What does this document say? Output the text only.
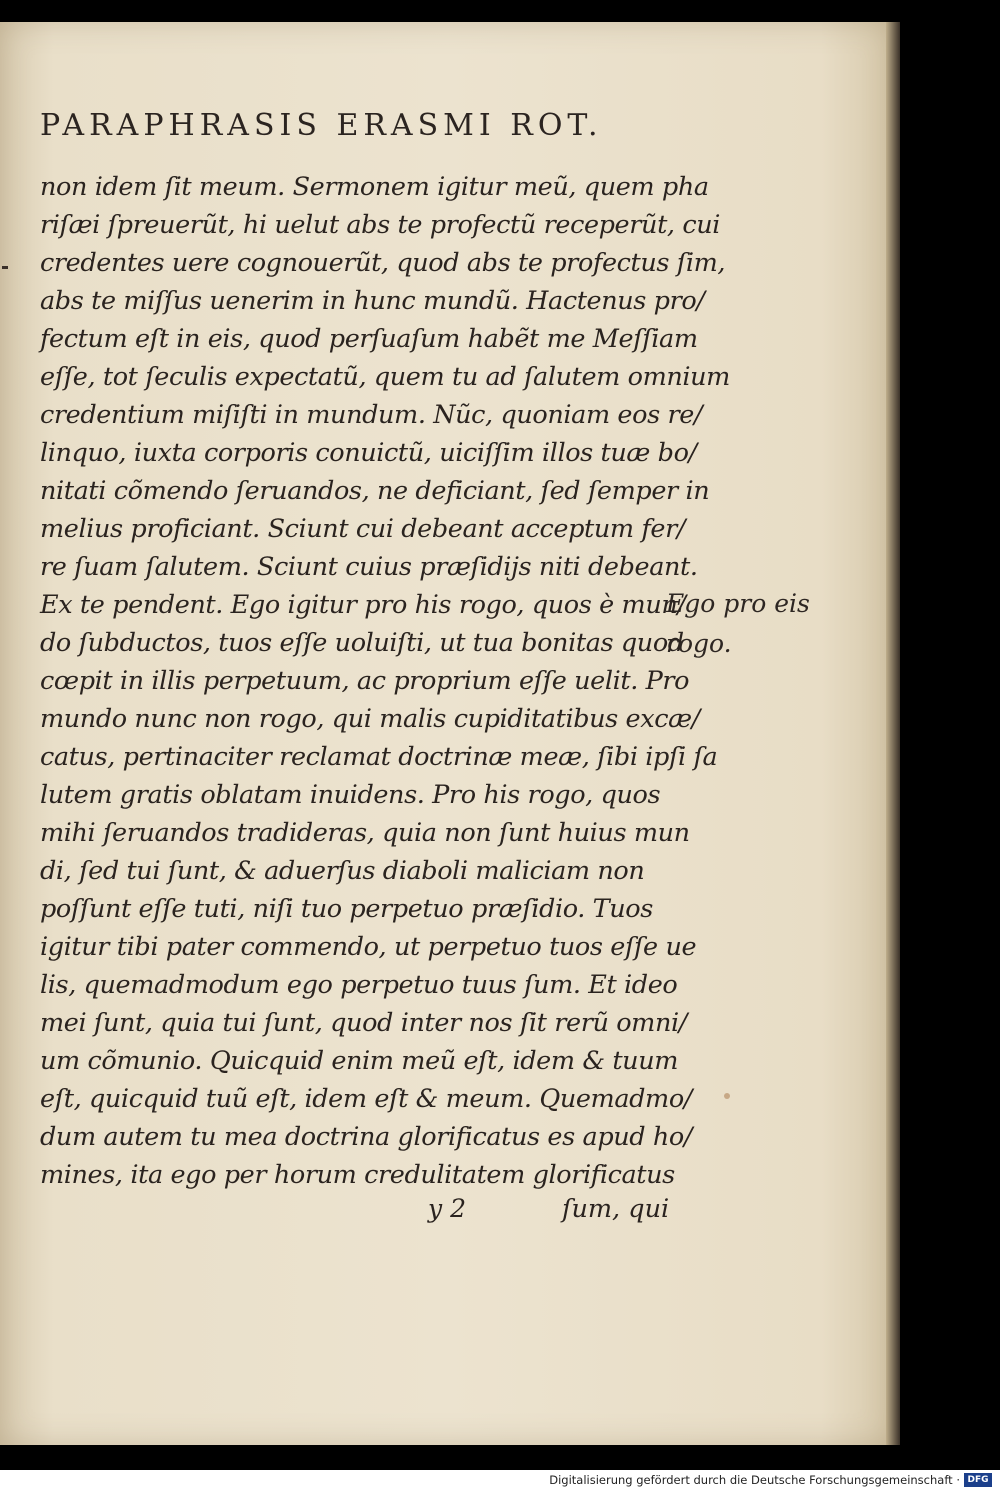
PARAPHRASIS ERASMI ROT.
non idem ſit meum. Sermonem igitur meũ, quem pha
riſæi ſpreuerũt, hi uelut abs te profectũ receperũt, cui
credentes uere cognouerũt, quod abs te profectus ſim,
abs te miſſus uenerim in hunc mundũ. Hactenus pro/
fectum eſt in eis, quod perſuaſum habẽt me Meſſiam
eſſe, tot ſeculis expectatũ, quem tu ad ſalutem omnium
credentium miſiſti in mundum. Nũc, quoniam eos re/
linquo, iuxta corporis conuictũ, uiciſſim illos tuæ bo/
nitati cõmendo ſeruandos, ne deficiant, ſed ſemper in
melius proficiant. Sciunt cui debeant acceptum fer/
re ſuam ſalutem. Sciunt cuius præſidijs niti debeant.
Ex te pendent. Ego igitur pro his rogo, quos è mun/
do ſubductos, tuos eſſe uoluiſti, ut tua bonitas quod
cœpit in illis perpetuum, ac proprium eſſe uelit. Pro
mundo nunc non rogo, qui malis cupiditatibus excæ/
catus, pertinaciter reclamat doctrinæ meæ, ſibi ipſi ſa
lutem gratis oblatam inuidens. Pro his rogo, quos
mihi ſeruandos tradideras, quia non ſunt huius mun
di, ſed tui ſunt, & aduerſus diaboli maliciam non
poſſunt eſſe tuti, niſi tuo perpetuo præſidio. Tuos
igitur tibi pater commendo, ut perpetuo tuos eſſe ue
lis, quemadmodum ego perpetuo tuus ſum. Et ideo
mei ſunt, quia tui ſunt, quod inter nos ſit rerũ omni/
um cõmunio. Quicquid enim meũ eſt, idem & tuum
eſt, quicquid tuũ eſt, idem eſt & meum. Quemadmo/
dum autem tu mea doctrina glorificatus es apud ho/
mines, ita ego per horum credulitatem glorificatus
Ego pro eis
rogo.
y 2	ſum, qui
Digitalisierung gefördert durch die Deutsche Forschungsgemeinschaft · DFG
